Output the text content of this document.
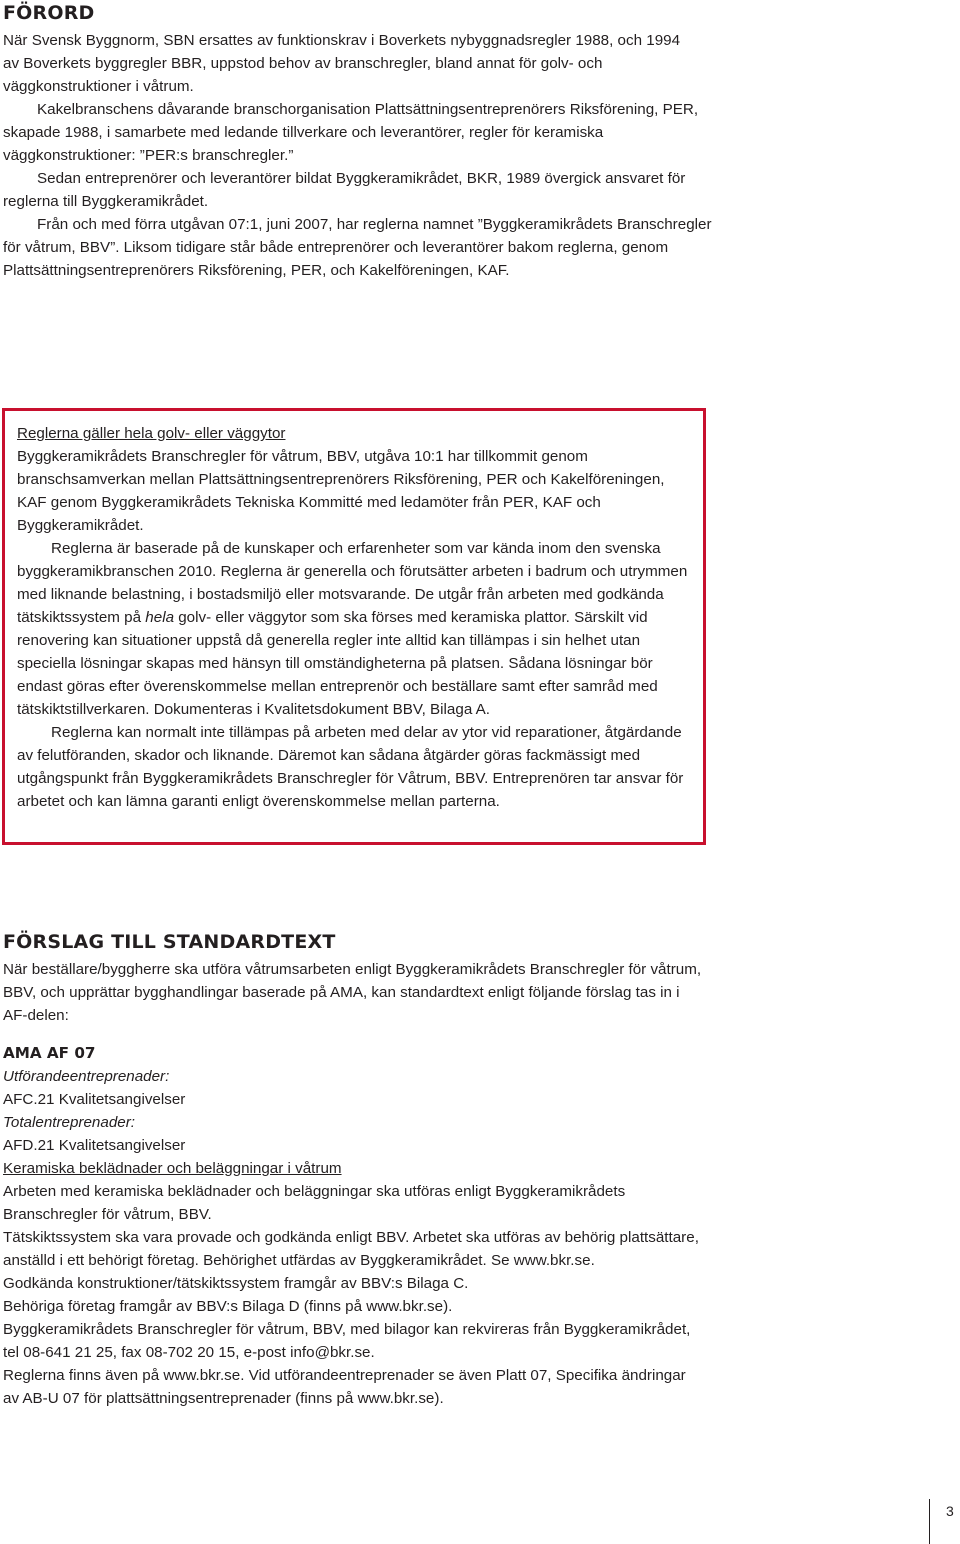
FÖRORD

När Svensk Byggnorm, SBN ersattes av funktionskrav i Boverkets nybyggnadsregler 1988, och 1994 av Boverkets byggregler BBR, uppstod behov av branschregler, bland annat för golv- och väggkonstruktioner i våtrum.

Kakelbranschens dåvarande branschorganisation Plattsättningsentreprenörers Riksförening, PER, skapade 1988, i samarbete med ledande tillverkare och leverantörer, regler för keramiska väggkonstruktioner: ”PER:s branschregler.”

Sedan entreprenörer och leverantörer bildat Byggkeramikrådet, BKR, 1989 övergick ansvaret för reglerna till Byggkeramikrådet.

Från och med förra utgåvan 07:1, juni 2007, har reglerna namnet ”Byggkeramikrådets Branschregler för våtrum, BBV”. Liksom tidigare står både entreprenörer och leverantörer bakom reglerna, genom Plattsättningsentreprenörers Riksförening, PER, och Kakelföreningen, KAF.

Reglerna gäller hela golv- eller väggytor

Byggkeramikrådets Branschregler för våtrum, BBV, utgåva 10:1 har tillkommit genom branschsamverkan mellan Plattsättningsentreprenörers Riksförening, PER och Kakelföreningen, KAF genom Byggkeramikrådets Tekniska Kommitté med ledamöter från PER, KAF och Byggkeramikrådet.

Reglerna är baserade på de kunskaper och erfarenheter som var kända inom den svenska byggkeramikbranschen 2010. Reglerna är generella och förutsätter arbeten i badrum och utrymmen med liknande belastning, i bostadsmiljö eller motsvarande. De utgår från arbeten med godkända tätskiktssystem på hela golv- eller väggytor som ska förses med keramiska plattor. Särskilt vid renovering kan situationer uppstå då generella regler inte alltid kan tillämpas i sin helhet utan speciella lösningar skapas med hänsyn till omständigheterna på platsen. Sådana lösningar bör endast göras efter överenskommelse mellan entreprenör och beställare samt efter samråd med tätskiktstillverkaren. Dokumenteras i Kvalitetsdokument BBV, Bilaga A.

Reglerna kan normalt inte tillämpas på arbeten med delar av ytor vid reparationer, åtgärdande av felutföranden, skador och liknande. Däremot kan sådana åtgärder göras fackmässigt med utgångspunkt från Byggkeramikrådets Branschregler för Våtrum, BBV. Entreprenören tar ansvar för arbetet och kan lämna garanti enligt överenskommelse mellan parterna.

FÖRSLAG TILL STANDARDTEXT

När beställare/byggherre ska utföra våtrumsarbeten enligt Byggkeramikrådets Branschregler för våtrum, BBV, och upprättar bygghandlingar baserade på AMA, kan standardtext enligt följande förslag tas in i AF-delen:

AMA AF 07

Utförandeentreprenader:

AFC.21 Kvalitetsangivelser

Totalentreprenader:

AFD.21 Kvalitetsangivelser

Keramiska beklädnader och beläggningar i våtrum

Arbeten med keramiska beklädnader och beläggningar ska utföras enligt Byggkeramikrådets Branschregler för våtrum, BBV.

Tätskiktssystem ska vara provade och godkända enligt BBV. Arbetet ska utföras av behörig plattsättare, anställd i ett behörigt företag. Behörighet utfärdas av Byggkeramikrådet. Se www.bkr.se.

Godkända konstruktioner/tätskiktssystem framgår av BBV:s Bilaga C.

Behöriga företag framgår av BBV:s Bilaga D (finns på www.bkr.se).

Byggkeramikrådets Branschregler för våtrum, BBV, med bilagor kan rekvireras från Byggkeramikrådet, tel 08-641 21 25, fax 08-702 20 15, e-post info@bkr.se.

Reglerna finns även på www.bkr.se. Vid utförandeentreprenader se även Platt 07, Specifika ändringar av AB-U 07 för plattsättningsentreprenader (finns på www.bkr.se).

3
